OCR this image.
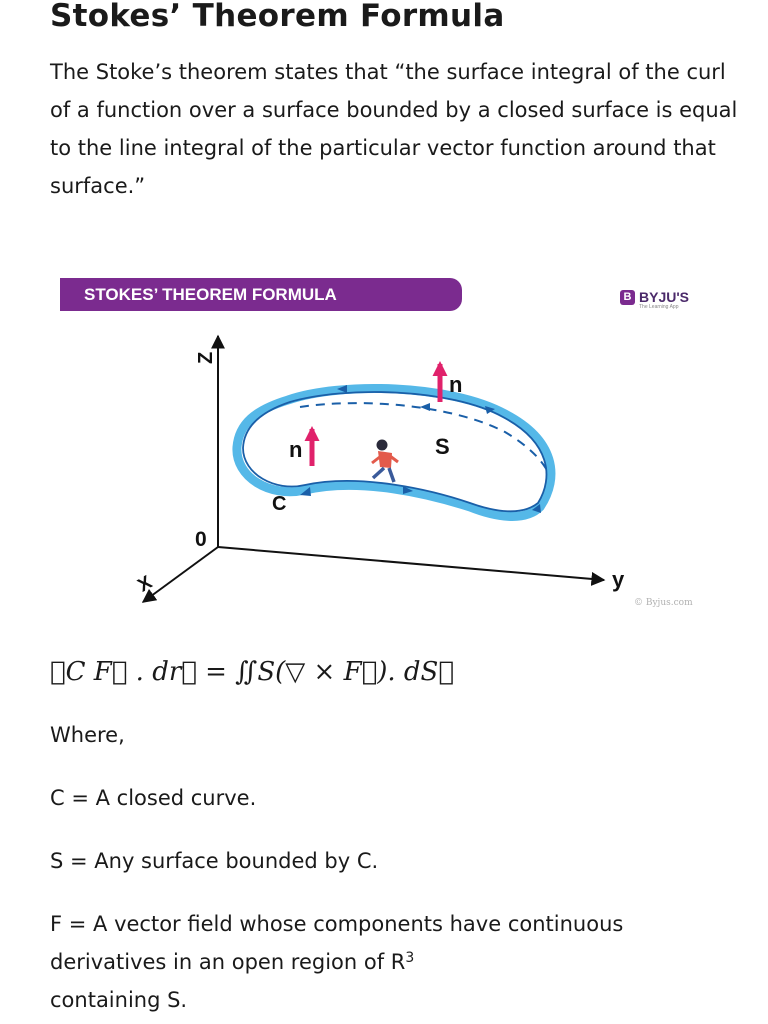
Stokes’ Theorem Formula

The Stoke’s theorem states that “the surface integral of the curl of a function over a surface bounded by a closed surface is equal to the line integral of the particular vector function around that surface.”

Z
X	y
0
n
n	S
C
STOKES’ THEOREM FORMULA	B BYJU'S
The Learning App
© Byjus.com
∮C F⃗ . dr⃗ = ∬S(▽ × F⃗). dS⃗

Where,

C = A closed curve.

S = Any surface bounded by C.

F = A vector field whose components have continuous derivatives in an open region of $R^3$
containing S.
